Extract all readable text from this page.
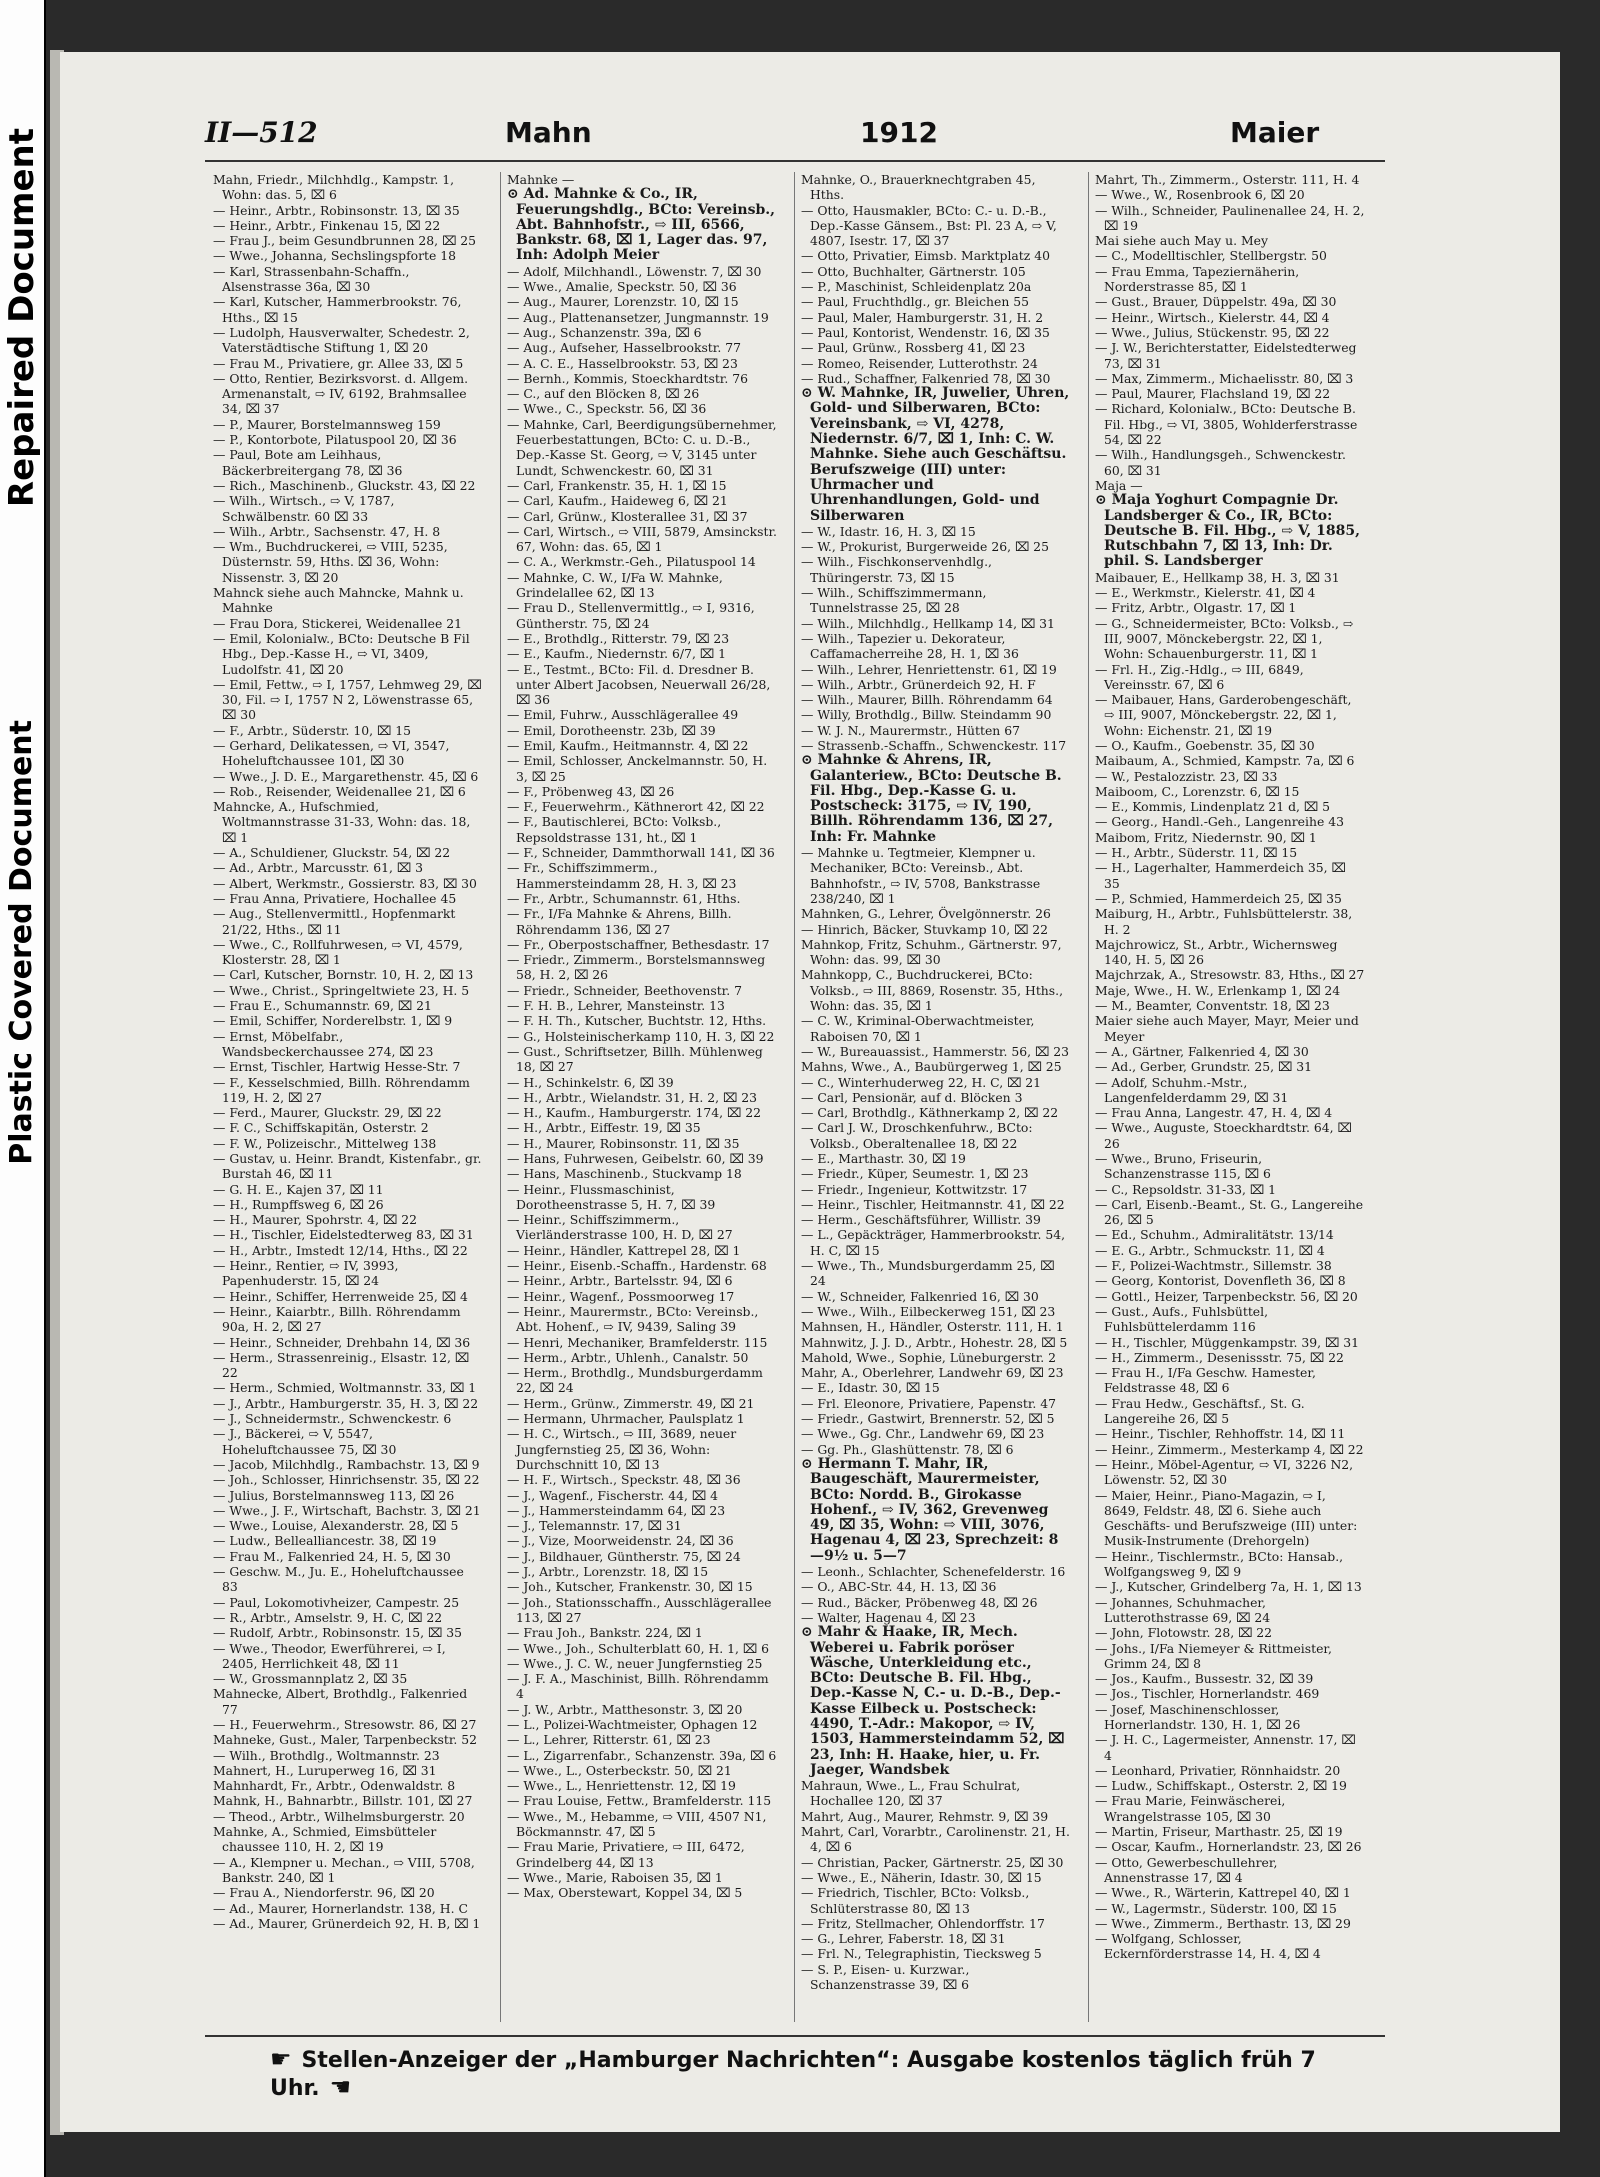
Plastic Covered Document
Repaired Document	II—512	Mahn	1912	Maier
Mahn, Friedr., Milchhdlg., Kampstr. 1, Wohn: das. 5, ⌧ 6
— Heinr., Arbtr., Robinsonstr. 13, ⌧ 35
— Heinr., Arbtr., Finkenau 15, ⌧ 22
— Frau J., beim Gesundbrunnen 28, ⌧ 25
— Wwe., Johanna, Sechslingspforte 18
— Karl, Strassenbahn-Schaffn., Alsenstrasse 36a, ⌧ 30
— Karl, Kutscher, Hammerbrookstr. 76, Hths., ⌧ 15
— Ludolph, Hausverwalter, Schedestr. 2, Vaterstädtische Stiftung 1, ⌧ 20
— Frau M., Privatiere, gr. Allee 33, ⌧ 5
— Otto, Rentier, Bezirksvorst. d. Allgem. Armenanstalt, ⇨ IV, 6192, Brahmsallee 34, ⌧ 37
— P., Maurer, Borstelmannsweg 159
— P., Kontorbote, Pilatuspool 20, ⌧ 36
— Paul, Bote am Leihhaus, Bäckerbreitergang 78, ⌧ 36
— Rich., Maschinenb., Gluckstr. 43, ⌧ 22
— Wilh., Wirtsch., ⇨ V, 1787, Schwälbenstr. 60 ⌧ 33
— Wilh., Arbtr., Sachsenstr. 47, H. 8
— Wm., Buchdruckerei, ⇨ VIII, 5235, Düsternstr. 59, Hths. ⌧ 36, Wohn: Nissenstr. 3, ⌧ 20
Mahnck siehe auch Mahncke, Mahnk u. Mahnke
— Frau Dora, Stickerei, Weidenallee 21
— Emil, Kolonialw., BCto: Deutsche B Fil Hbg., Dep.-Kasse H., ⇨ VI, 3409, Ludolfstr. 41, ⌧ 20
— Emil, Fettw., ⇨ I, 1757, Lehmweg 29, ⌧ 30, Fil. ⇨ I, 1757 N 2, Löwenstrasse 65, ⌧ 30
— F., Arbtr., Süderstr. 10, ⌧ 15
— Gerhard, Delikatessen, ⇨ VI, 3547, Hoheluftchaussee 101, ⌧ 30
— Wwe., J. D. E., Margarethenstr. 45, ⌧ 6
— Rob., Reisender, Weidenallee 21, ⌧ 6
Mahncke, A., Hufschmied, Woltmannstrasse 31-33, Wohn: das. 18, ⌧ 1
— A., Schuldiener, Gluckstr. 54, ⌧ 22
— Ad., Arbtr., Marcusstr. 61, ⌧ 3
— Albert, Werkmstr., Gossierstr. 83, ⌧ 30
— Frau Anna, Privatiere, Hochallee 45
— Aug., Stellenvermittl., Hopfenmarkt 21/22, Hths., ⌧ 11
— Wwe., C., Rollfuhrwesen, ⇨ VI, 4579, Klosterstr. 28, ⌧ 1
— Carl, Kutscher, Bornstr. 10, H. 2, ⌧ 13
— Wwe., Christ., Springeltwiete 23, H. 5
— Frau E., Schumannstr. 69, ⌧ 21
— Emil, Schiffer, Norderelbstr. 1, ⌧ 9
— Ernst, Möbelfabr., Wandsbeckerchaussee 274, ⌧ 23
— Ernst, Tischler, Hartwig Hesse-Str. 7
— F., Kesselschmied, Billh. Röhrendamm 119, H. 2, ⌧ 27
— Ferd., Maurer, Gluckstr. 29, ⌧ 22
— F. C., Schiffskapitän, Osterstr. 2
— F. W., Polizeischr., Mittelweg 138
— Gustav, u. Heinr. Brandt, Kistenfabr., gr. Burstah 46, ⌧ 11
— G. H. E., Kajen 37, ⌧ 11
— H., Rumpffsweg 6, ⌧ 26
— H., Maurer, Spohrstr. 4, ⌧ 22
— H., Tischler, Eidelstedterweg 83, ⌧ 31
— H., Arbtr., Imstedt 12/14, Hths., ⌧ 22
— Heinr., Rentier, ⇨ IV, 3993, Papenhuderstr. 15, ⌧ 24
— Heinr., Schiffer, Herrenweide 25, ⌧ 4
— Heinr., Kaiarbtr., Billh. Röhrendamm 90a, H. 2, ⌧ 27
— Heinr., Schneider, Drehbahn 14, ⌧ 36
— Herm., Strassenreinig., Elsastr. 12, ⌧ 22
— Herm., Schmied, Woltmannstr. 33, ⌧ 1
— J., Arbtr., Hamburgerstr. 35, H. 3, ⌧ 22
— J., Schneidermstr., Schwenckestr. 6
— J., Bäckerei, ⇨ V, 5547, Hoheluftchaussee 75, ⌧ 30
— Jacob, Milchhdlg., Rambachstr. 13, ⌧ 9
— Joh., Schlosser, Hinrichsenstr. 35, ⌧ 22
— Julius, Borstelmannsweg 113, ⌧ 26
— Wwe., J. F., Wirtschaft, Bachstr. 3, ⌧ 21
— Wwe., Louise, Alexanderstr. 28, ⌧ 5
— Ludw., Bellealliancestr. 38, ⌧ 19
— Frau M., Falkenried 24, H. 5, ⌧ 30
— Geschw. M., Ju. E., Hoheluftchaussee 83
— Paul, Lokomotivheizer, Campestr. 25
— R., Arbtr., Amselstr. 9, H. C, ⌧ 22
— Rudolf, Arbtr., Robinsonstr. 15, ⌧ 35
— Wwe., Theodor, Ewerführerei, ⇨ I, 2405, Herrlichkeit 48, ⌧ 11
— W., Grossmannplatz 2, ⌧ 35
Mahnecke, Albert, Brothdlg., Falkenried 77
— H., Feuerwehrm., Stresowstr. 86, ⌧ 27
Mahneke, Gust., Maler, Tarpenbeckstr. 52
— Wilh., Brothdlg., Woltmannstr. 23
Mahnert, H., Luruperweg 16, ⌧ 31
Mahnhardt, Fr., Arbtr., Odenwaldstr. 8
Mahnk, H., Bahnarbtr., Billstr. 101, ⌧ 27
— Theod., Arbtr., Wilhelmsburgerstr. 20
Mahnke, A., Schmied, Eimsbütteler chaussee 110, H. 2, ⌧ 19
— A., Klempner u. Mechan., ⇨ VIII, 5708, Bankstr. 240, ⌧ 1
— Frau A., Niendorferstr. 96, ⌧ 20
— Ad., Maurer, Hornerlandstr. 138, H. C
— Ad., Maurer, Grünerdeich 92, H. B, ⌧ 1
Mahnke —
⊙ Ad. Mahnke & Co., IR, Feuerungshdlg., BCto: Vereinsb., Abt. Bahnhofstr., ⇨ III, 6566, Bankstr. 68, ⌧ 1, Lager das. 97, Inh: Adolph Meier
— Adolf, Milchhandl., Löwenstr. 7, ⌧ 30
— Wwe., Amalie, Speckstr. 50, ⌧ 36
— Aug., Maurer, Lorenzstr. 10, ⌧ 15
— Aug., Plattenansetzer, Jungmannstr. 19
— Aug., Schanzenstr. 39a, ⌧ 6
— Aug., Aufseher, Hasselbrookstr. 77
— A. C. E., Hasselbrookstr. 53, ⌧ 23
— Bernh., Kommis, Stoeckhardtstr. 76
— C., auf den Blöcken 8, ⌧ 26
— Wwe., C., Speckstr. 56, ⌧ 36
— Mahnke, Carl, Beerdigungsübernehmer, Feuerbestattungen, BCto: C. u. D.-B., Dep.-Kasse St. Georg, ⇨ V, 3145 unter Lundt, Schwenckestr. 60, ⌧ 31
— Carl, Frankenstr. 35, H. 1, ⌧ 15
— Carl, Kaufm., Haideweg 6, ⌧ 21
— Carl, Grünw., Klosterallee 31, ⌧ 37
— Carl, Wirtsch., ⇨ VIII, 5879, Amsinckstr. 67, Wohn: das. 65, ⌧ 1
— C. A., Werkmstr.-Geh., Pilatuspool 14
— Mahnke, C. W., I/Fa W. Mahnke, Grindelallee 62, ⌧ 13
— Frau D., Stellenvermittlg., ⇨ I, 9316, Güntherstr. 75, ⌧ 24
— E., Brothdlg., Ritterstr. 79, ⌧ 23
— E., Kaufm., Niedernstr. 6/7, ⌧ 1
— E., Testmt., BCto: Fil. d. Dresdner B. unter Albert Jacobsen, Neuerwall 26/28, ⌧ 36
— Emil, Fuhrw., Ausschlägerallee 49
— Emil, Dorotheenstr. 23b, ⌧ 39
— Emil, Kaufm., Heitmannstr. 4, ⌧ 22
— Emil, Schlosser, Anckelmannstr. 50, H. 3, ⌧ 25
— F., Pröbenweg 43, ⌧ 26
— F., Feuerwehrm., Käthnerort 42, ⌧ 22
— F., Bautischlerei, BCto: Volksb., Repsoldstrasse 131, ht., ⌧ 1
— F., Schneider, Dammthorwall 141, ⌧ 36
— Fr., Schiffszimmerm., Hammersteindamm 28, H. 3, ⌧ 23
— Fr., Arbtr., Schumannstr. 61, Hths.
— Fr., I/Fa Mahnke & Ahrens, Billh. Röhrendamm 136, ⌧ 27
— Fr., Oberpostschaffner, Bethesdastr. 17
— Friedr., Zimmerm., Borstelsmannsweg 58, H. 2, ⌧ 26
— Friedr., Schneider, Beethovenstr. 7
— F. H. B., Lehrer, Mansteinstr. 13
— F. H. Th., Kutscher, Buchtstr. 12, Hths.
— G., Holsteinischerkamp 110, H. 3, ⌧ 22
— Gust., Schriftsetzer, Billh. Mühlenweg 18, ⌧ 27
— H., Schinkelstr. 6, ⌧ 39
— H., Arbtr., Wielandstr. 31, H. 2, ⌧ 23
— H., Kaufm., Hamburgerstr. 174, ⌧ 22
— H., Arbtr., Eiffestr. 19, ⌧ 35
— H., Maurer, Robinsonstr. 11, ⌧ 35
— Hans, Fuhrwesen, Geibelstr. 60, ⌧ 39
— Hans, Maschinenb., Stuckvamp 18
— Heinr., Flussmaschinist, Dorotheenstrasse 5, H. 7, ⌧ 39
— Heinr., Schiffszimmerm., Vierländerstrasse 100, H. D, ⌧ 27
— Heinr., Händler, Kattrepel 28, ⌧ 1
— Heinr., Eisenb.-Schaffn., Hardenstr. 68
— Heinr., Arbtr., Bartelsstr. 94, ⌧ 6
— Heinr., Wagenf., Possmoorweg 17
— Heinr., Maurermstr., BCto: Vereinsb., Abt. Hohenf., ⇨ IV, 9439, Saling 39
— Henri, Mechaniker, Bramfelderstr. 115
— Herm., Arbtr., Uhlenh., Canalstr. 50
— Herm., Brothdlg., Mundsburgerdamm 22, ⌧ 24
— Herm., Grünw., Zimmerstr. 49, ⌧ 21
— Hermann, Uhrmacher, Paulsplatz 1
— H. C., Wirtsch., ⇨ III, 3689, neuer Jungfernstieg 25, ⌧ 36, Wohn: Durchschnitt 10, ⌧ 13
— H. F., Wirtsch., Speckstr. 48, ⌧ 36
— J., Wagenf., Fischerstr. 44, ⌧ 4
— J., Hammersteindamm 64, ⌧ 23
— J., Telemannstr. 17, ⌧ 31
— J., Vize, Moorweidenstr. 24, ⌧ 36
— J., Bildhauer, Güntherstr. 75, ⌧ 24
— J., Arbtr., Lorenzstr. 18, ⌧ 15
— Joh., Kutscher, Frankenstr. 30, ⌧ 15
— Joh., Stationsschaffn., Ausschlägerallee 113, ⌧ 27
— Frau Joh., Bankstr. 224, ⌧ 1
— Wwe., Joh., Schulterblatt 60, H. 1, ⌧ 6
— Wwe., J. C. W., neuer Jungfernstieg 25
— J. F. A., Maschinist, Billh. Röhrendamm 4
— J. W., Arbtr., Matthesonstr. 3, ⌧ 20
— L., Polizei-Wachtmeister, Ophagen 12
— L., Lehrer, Ritterstr. 61, ⌧ 23
— L., Zigarrenfabr., Schanzenstr. 39a, ⌧ 6
— Wwe., L., Osterbeckstr. 50, ⌧ 21
— Wwe., L., Henriettenstr. 12, ⌧ 19
— Frau Louise, Fettw., Bramfelderstr. 115
— Wwe., M., Hebamme, ⇨ VIII, 4507 N1, Böckmannstr. 47, ⌧ 5
— Frau Marie, Privatiere, ⇨ III, 6472, Grindelberg 44, ⌧ 13
— Wwe., Marie, Raboisen 35, ⌧ 1
— Max, Oberstewart, Koppel 34, ⌧ 5
Mahnke, O., Brauerknechtgraben 45, Hths.
— Otto, Hausmakler, BCto: C.- u. D.-B., Dep.-Kasse Gänsem., Bst: Pl. 23 A, ⇨ V, 4807, Isestr. 17, ⌧ 37
— Otto, Privatier, Eimsb. Marktplatz 40
— Otto, Buchhalter, Gärtnerstr. 105
— P., Maschinist, Schleidenplatz 20a
— Paul, Fruchthdlg., gr. Bleichen 55
— Paul, Maler, Hamburgerstr. 31, H. 2
— Paul, Kontorist, Wendenstr. 16, ⌧ 35
— Paul, Grünw., Rossberg 41, ⌧ 23
— Romeo, Reisender, Lutterothstr. 24
— Rud., Schaffner, Falkenried 78, ⌧ 30
⊙ W. Mahnke, IR, Juwelier, Uhren, Gold- und Silberwaren, BCto: Vereinsbank, ⇨ VI, 4278, Niedernstr. 6/7, ⌧ 1, Inh: C. W. Mahnke. Siehe auch Geschäftsu. Berufszweige (III) unter: Uhrmacher und Uhrenhandlungen, Gold- und Silberwaren
— W., Idastr. 16, H. 3, ⌧ 15
— W., Prokurist, Burgerweide 26, ⌧ 25
— Wilh., Fischkonservenhdlg., Thüringerstr. 73, ⌧ 15
— Wilh., Schiffszimmermann, Tunnelstrasse 25, ⌧ 28
— Wilh., Milchhdlg., Hellkamp 14, ⌧ 31
— Wilh., Tapezier u. Dekorateur, Caffamacherreihe 28, H. 1, ⌧ 36
— Wilh., Lehrer, Henriettenstr. 61, ⌧ 19
— Wilh., Arbtr., Grünerdeich 92, H. F
— Wilh., Maurer, Billh. Röhrendamm 64
— Willy, Brothdlg., Billw. Steindamm 90
— W. J. N., Maurermstr., Hütten 67
— Strassenb.-Schaffn., Schwenckestr. 117
⊙ Mahnke & Ahrens, IR, Galanteriew., BCto: Deutsche B. Fil. Hbg., Dep.-Kasse G. u. Postscheck: 3175, ⇨ IV, 190, Billh. Röhrendamm 136, ⌧ 27, Inh: Fr. Mahnke
— Mahnke u. Tegtmeier, Klempner u. Mechaniker, BCto: Vereinsb., Abt. Bahnhofstr., ⇨ IV, 5708, Bankstrasse 238/240, ⌧ 1
Mahnken, G., Lehrer, Övelgönnerstr. 26
— Hinrich, Bäcker, Stuvkamp 10, ⌧ 22
Mahnkop, Fritz, Schuhm., Gärtnerstr. 97, Wohn: das. 99, ⌧ 30
Mahnkopp, C., Buchdruckerei, BCto: Volksb., ⇨ III, 8869, Rosenstr. 35, Hths., Wohn: das. 35, ⌧ 1
— C. W., Kriminal-Oberwachtmeister, Raboisen 70, ⌧ 1
— W., Bureauassist., Hammerstr. 56, ⌧ 23
Mahns, Wwe., A., Baubürgerweg 1, ⌧ 25
— C., Winterhuderweg 22, H. C, ⌧ 21
— Carl, Pensionär, auf d. Blöcken 3
— Carl, Brothdlg., Käthnerkamp 2, ⌧ 22
— Carl J. W., Droschkenfuhrw., BCto: Volksb., Oberaltenallee 18, ⌧ 22
— E., Marthastr. 30, ⌧ 19
— Friedr., Küper, Seumestr. 1, ⌧ 23
— Friedr., Ingenieur, Kottwitzstr. 17
— Heinr., Tischler, Heitmannstr. 41, ⌧ 22
— Herm., Geschäftsführer, Willistr. 39
— L., Gepäckträger, Hammerbrookstr. 54, H. C, ⌧ 15
— Wwe., Th., Mundsburgerdamm 25, ⌧ 24
— W., Schneider, Falkenried 16, ⌧ 30
— Wwe., Wilh., Eilbeckerweg 151, ⌧ 23
Mahnsen, H., Händler, Osterstr. 111, H. 1
Mahnwitz, J. J. D., Arbtr., Hohestr. 28, ⌧ 5
Mahold, Wwe., Sophie, Lüneburgerstr. 2
Mahr, A., Oberlehrer, Landwehr 69, ⌧ 23
— E., Idastr. 30, ⌧ 15
— Frl. Eleonore, Privatiere, Papenstr. 47
— Friedr., Gastwirt, Brennerstr. 52, ⌧ 5
— Wwe., Gg. Chr., Landwehr 69, ⌧ 23
— Gg. Ph., Glashüttenstr. 78, ⌧ 6
⊙ Hermann T. Mahr, IR, Baugeschäft, Maurermeister, BCto: Nordd. B., Girokasse Hohenf., ⇨ IV, 362, Grevenweg 49, ⌧ 35, Wohn: ⇨ VIII, 3076, Hagenau 4, ⌧ 23, Sprechzeit: 8—9½ u. 5—7
— Leonh., Schlachter, Schenefelderstr. 16
— O., ABC-Str. 44, H. 13, ⌧ 36
— Rud., Bäcker, Pröbenweg 48, ⌧ 26
— Walter, Hagenau 4, ⌧ 23
⊙ Mahr & Haake, IR, Mech. Weberei u. Fabrik poröser Wäsche, Unterkleidung etc., BCto: Deutsche B. Fil. Hbg., Dep.-Kasse N, C.- u. D.-B., Dep.-Kasse Eilbeck u. Postscheck: 4490, T.-Adr.: Makopor, ⇨ IV, 1503, Hammersteindamm 52, ⌧ 23, Inh: H. Haake, hier, u. Fr. Jaeger, Wandsbek
Mahraun, Wwe., L., Frau Schulrat, Hochallee 120, ⌧ 37
Mahrt, Aug., Maurer, Rehmstr. 9, ⌧ 39
Mahrt, Carl, Vorarbtr., Carolinenstr. 21, H. 4, ⌧ 6
— Christian, Packer, Gärtnerstr. 25, ⌧ 30
— Wwe., E., Näherin, Idastr. 30, ⌧ 15
— Friedrich, Tischler, BCto: Volksb., Schlüterstrasse 80, ⌧ 13
— Fritz, Stellmacher, Ohlendorffstr. 17
— G., Lehrer, Faberstr. 18, ⌧ 31
— Frl. N., Telegraphistin, Tiecksweg 5
— S. P., Eisen- u. Kurzwar., Schanzenstrasse 39, ⌧ 6
Mahrt, Th., Zimmerm., Osterstr. 111, H. 4
— Wwe., W., Rosenbrook 6, ⌧ 20
— Wilh., Schneider, Paulinenallee 24, H. 2, ⌧ 19
Mai siehe auch May u. Mey
— C., Modelltischler, Stellbergstr. 50
— Frau Emma, Tapeziernäherin, Norderstrasse 85, ⌧ 1
— Gust., Brauer, Düppelstr. 49a, ⌧ 30
— Heinr., Wirtsch., Kielerstr. 44, ⌧ 4
— Wwe., Julius, Stückenstr. 95, ⌧ 22
— J. W., Berichterstatter, Eidelstedterweg 73, ⌧ 31
— Max, Zimmerm., Michaelisstr. 80, ⌧ 3
— Paul, Maurer, Flachsland 19, ⌧ 22
— Richard, Kolonialw., BCto: Deutsche B. Fil. Hbg., ⇨ VI, 3805, Wohlderferstrasse 54, ⌧ 22
— Wilh., Handlungsgeh., Schwenckestr. 60, ⌧ 31
Maja —
⊙ Maja Yoghurt Compagnie Dr. Landsberger & Co., IR, BCto: Deutsche B. Fil. Hbg., ⇨ V, 1885, Rutschbahn 7, ⌧ 13, Inh: Dr. phil. S. Landsberger
Maibauer, E., Hellkamp 38, H. 3, ⌧ 31
— E., Werkmstr., Kielerstr. 41, ⌧ 4
— Fritz, Arbtr., Olgastr. 17, ⌧ 1
— G., Schneidermeister, BCto: Volksb., ⇨ III, 9007, Mönckebergstr. 22, ⌧ 1, Wohn: Schauenburgerstr. 11, ⌧ 1
— Frl. H., Zig.-Hdlg., ⇨ III, 6849, Vereinsstr. 67, ⌧ 6
— Maibauer, Hans, Garderobengeschäft, ⇨ III, 9007, Mönckebergstr. 22, ⌧ 1, Wohn: Eichenstr. 21, ⌧ 19
— O., Kaufm., Goebenstr. 35, ⌧ 30
Maibaum, A., Schmied, Kampstr. 7a, ⌧ 6
— W., Pestalozzistr. 23, ⌧ 33
Maiboom, C., Lorenzstr. 6, ⌧ 15
— E., Kommis, Lindenplatz 21 d, ⌧ 5
— Georg., Handl.-Geh., Langenreihe 43
Maibom, Fritz, Niedernstr. 90, ⌧ 1
— H., Arbtr., Süderstr. 11, ⌧ 15
— H., Lagerhalter, Hammerdeich 35, ⌧ 35
— P., Schmied, Hammerdeich 25, ⌧ 35
Maiburg, H., Arbtr., Fuhlsbüttelerstr. 38, H. 2
Majchrowicz, St., Arbtr., Wichernsweg 140, H. 5, ⌧ 26
Majchrzak, A., Stresowstr. 83, Hths., ⌧ 27
Maje, Wwe., H. W., Erlenkamp 1, ⌧ 24
— M., Beamter, Conventstr. 18, ⌧ 23
Maier siehe auch Mayer, Mayr, Meier und Meyer
— A., Gärtner, Falkenried 4, ⌧ 30
— Ad., Gerber, Grundstr. 25, ⌧ 31
— Adolf, Schuhm.-Mstr., Langenfelderdamm 29, ⌧ 31
— Frau Anna, Langestr. 47, H. 4, ⌧ 4
— Wwe., Auguste, Stoeckhardtstr. 64, ⌧ 26
— Wwe., Bruno, Friseurin, Schanzenstrasse 115, ⌧ 6
— C., Repsoldstr. 31-33, ⌧ 1
— Carl, Eisenb.-Beamt., St. G., Langereihe 26, ⌧ 5
— Ed., Schuhm., Admiralitätstr. 13/14
— E. G., Arbtr., Schmuckstr. 11, ⌧ 4
— F., Polizei-Wachtmstr., Sillemstr. 38
— Georg, Kontorist, Dovenfleth 36, ⌧ 8
— Gottl., Heizer, Tarpenbeckstr. 56, ⌧ 20
— Gust., Aufs., Fuhlsbüttel, Fuhlsbüttelerdamm 116
— H., Tischler, Müggenkampstr. 39, ⌧ 31
— H., Zimmerm., Desenissstr. 75, ⌧ 22
— Frau H., I/Fa Geschw. Hamester, Feldstrasse 48, ⌧ 6
— Frau Hedw., Geschäftsf., St. G. Langereihe 26, ⌧ 5
— Heinr., Tischler, Rehhoffstr. 14, ⌧ 11
— Heinr., Zimmerm., Mesterkamp 4, ⌧ 22
— Heinr., Möbel-Agentur, ⇨ VI, 3226 N2, Löwenstr. 52, ⌧ 30
— Maier, Heinr., Piano-Magazin, ⇨ I, 8649, Feldstr. 48, ⌧ 6. Siehe auch Geschäfts- und Berufszweige (III) unter: Musik-Instrumente (Drehorgeln)
— Heinr., Tischlermstr., BCto: Hansab., Wolfgangsweg 9, ⌧ 9
— J., Kutscher, Grindelberg 7a, H. 1, ⌧ 13
— Johannes, Schuhmacher, Lutterothstrasse 69, ⌧ 24
— John, Flotowstr. 28, ⌧ 22
— Johs., I/Fa Niemeyer & Rittmeister, Grimm 24, ⌧ 8
— Jos., Kaufm., Bussestr. 32, ⌧ 39
— Jos., Tischler, Hornerlandstr. 469
— Josef, Maschinenschlosser, Hornerlandstr. 130, H. 1, ⌧ 26
— J. H. C., Lagermeister, Annenstr. 17, ⌧ 4
— Leonhard, Privatier, Rönnhaidstr. 20
— Ludw., Schiffskapt., Osterstr. 2, ⌧ 19
— Frau Marie, Feinwäscherei, Wrangelstrasse 105, ⌧ 30
— Martin, Friseur, Marthastr. 25, ⌧ 19
— Oscar, Kaufm., Hornerlandstr. 23, ⌧ 26
— Otto, Gewerbeschullehrer, Annenstrasse 17, ⌧ 4
— Wwe., R., Wärterin, Kattrepel 40, ⌧ 1
— W., Lagermstr., Süderstr. 100, ⌧ 15
— Wwe., Zimmerm., Berthastr. 13, ⌧ 29
— Wolfgang, Schlosser, Eckernförderstrasse 14, H. 4, ⌧ 4
☛ Stellen-Anzeiger der „Hamburger Nachrichten“: Ausgabe kostenlos täglich früh 7 Uhr. ☚
